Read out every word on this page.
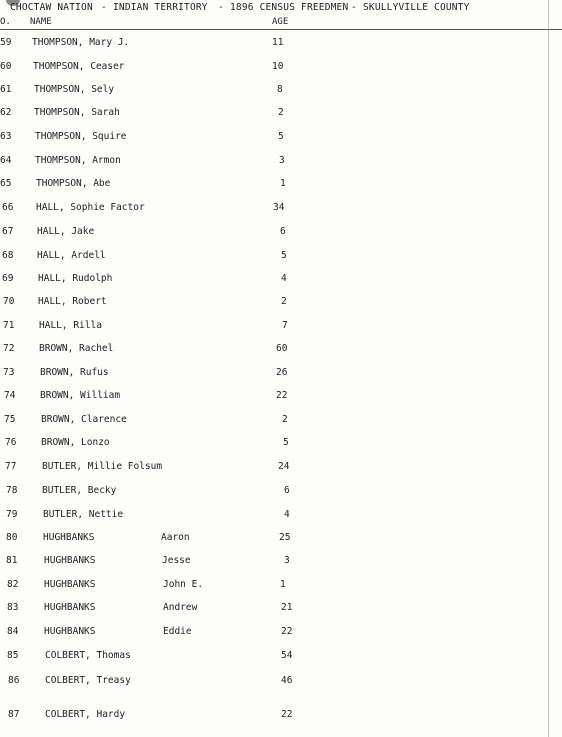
CHOCTAW NATION - INDIAN TERRITORY - 1896 CENSUS FREEDMEN - SKULLYVILLE COUNTY
O. NAME	AGE
59 THOMPSON, Mary J.	11
60 THOMPSON, Ceaser	10
61 THOMPSON, Sely	8
62 THOMPSON, Sarah	2
63 THOMPSON, Squire	5
64 THOMPSON, Armon	3
65	THOMPSON, Abe	1
66 HALL, Sophie Factor	34
67 HALL, Jake	6
68 HALL, Ardell	5
69	HALL, Rudolph	4
70 HALL, Robert	2
71	HALL, Rilla	7
72	BROWN, Rachel	60
73	BROWN, Rufus	26
74	BROWN, William	22
75	BROWN, Clarence	2
76	BROWN, Lonzo	5
77	BUTLER, Millie Folsum	24
78	BUTLER, Becky	6
79	BUTLER, Nettie	4
80	HUGHBANKS	Aaron	25
81	HUGHBANKS	Jesse	3
82	HUGHBANKS	John E.	1
83	HUGHBANKS	Andrew	21
84	HUGHBANKS	Eddie	22
85	COLBERT, Thomas	54
86	COLBERT, Treasy	46
87	COLBERT, Hardy	22
